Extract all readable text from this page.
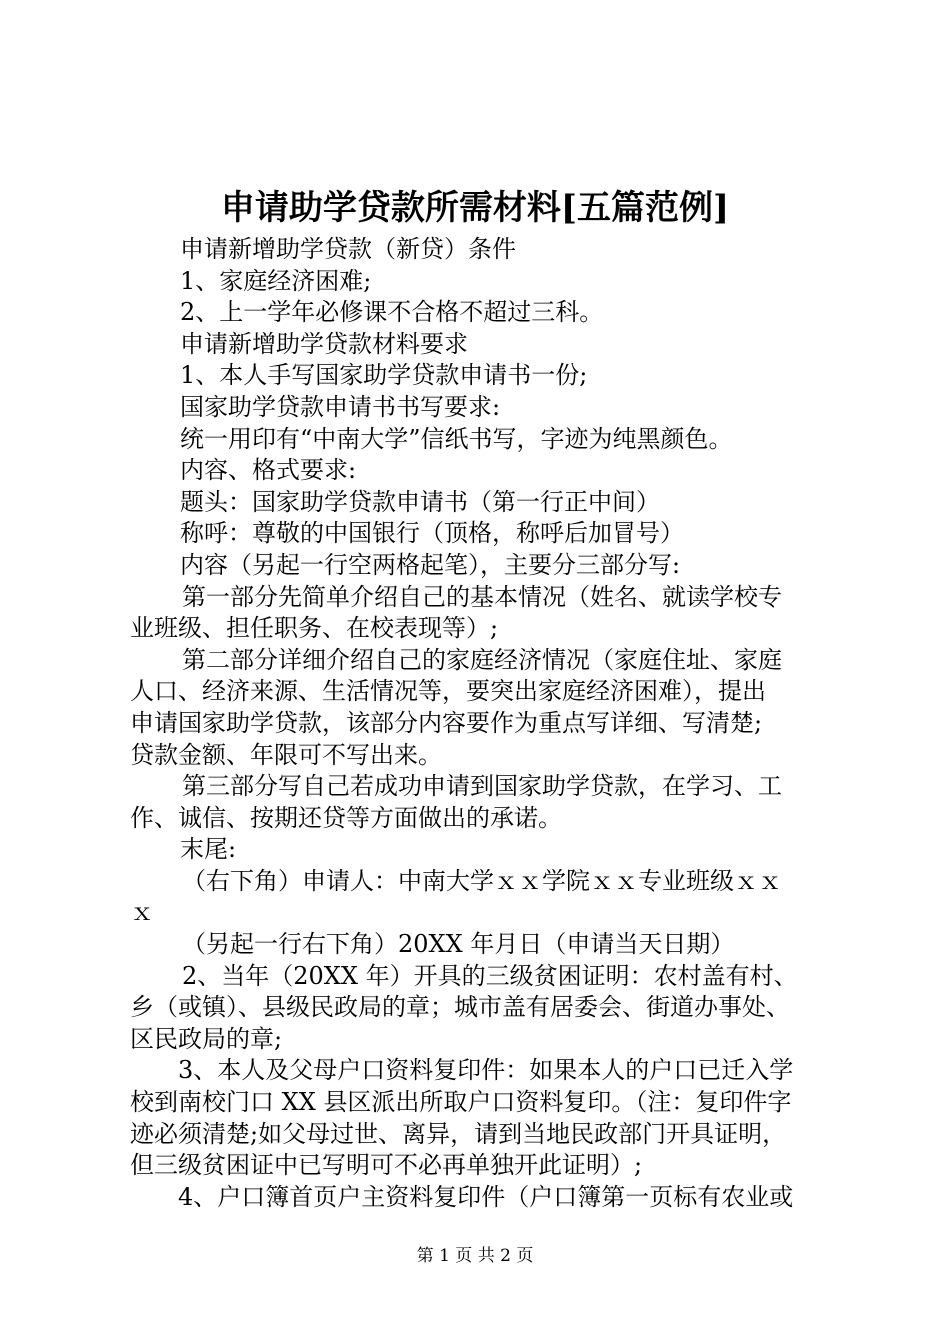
申请助学贷款所需材料[五篇范例]
申请新增助学贷款（新贷）条件
1、家庭经济困难;
2、上一学年必修课不合格不超过三科。
申请新增助学贷款材料要求
1、本人手写国家助学贷款申请书一份;
国家助学贷款申请书书写要求:
统一用印有“中南大学”信纸书写，字迹为纯黑颜色。
内容、格式要求:
题头：国家助学贷款申请书（第一行正中间）
称呼：尊敬的中国银行（顶格，称呼后加冒号）
内容（另起一行空两格起笔），主要分三部分写:
第一部分先简单介绍自己的基本情况（姓名、就读学校专
业班级、担任职务、在校表现等）;
第二部分详细介绍自己的家庭经济情况（家庭住址、家庭
人口、经济来源、生活情况等，要突出家庭经济困难），提出
申请国家助学贷款，该部分内容要作为重点写详细、写清楚;
贷款金额、年限可不写出来。
第三部分写自己若成功申请到国家助学贷款，在学习、工
作、诚信、按期还贷等方面做出的承诺。
末尾:
（右下角）申请人：中南大学ｘｘ学院ｘｘ专业班级ｘｘ
ｘ
（另起一行右下角）20XX 年月日（申请当天日期）
2、当年（20XX 年）开具的三级贫困证明：农村盖有村、
乡（或镇）、县级民政局的章；城市盖有居委会、街道办事处、
区民政局的章;
3、本人及父母户口资料复印件：如果本人的户口已迁入学
校到南校门口 XX 县区派出所取户口资料复印。（注：复印件字
迹必须清楚;如父母过世、离异，请到当地民政部门开具证明，
但三级贫困证中已写明可不必再单独开此证明）;
4、户口簿首页户主资料复印件（户口簿第一页标有农业或
第 1 页 共 2 页
